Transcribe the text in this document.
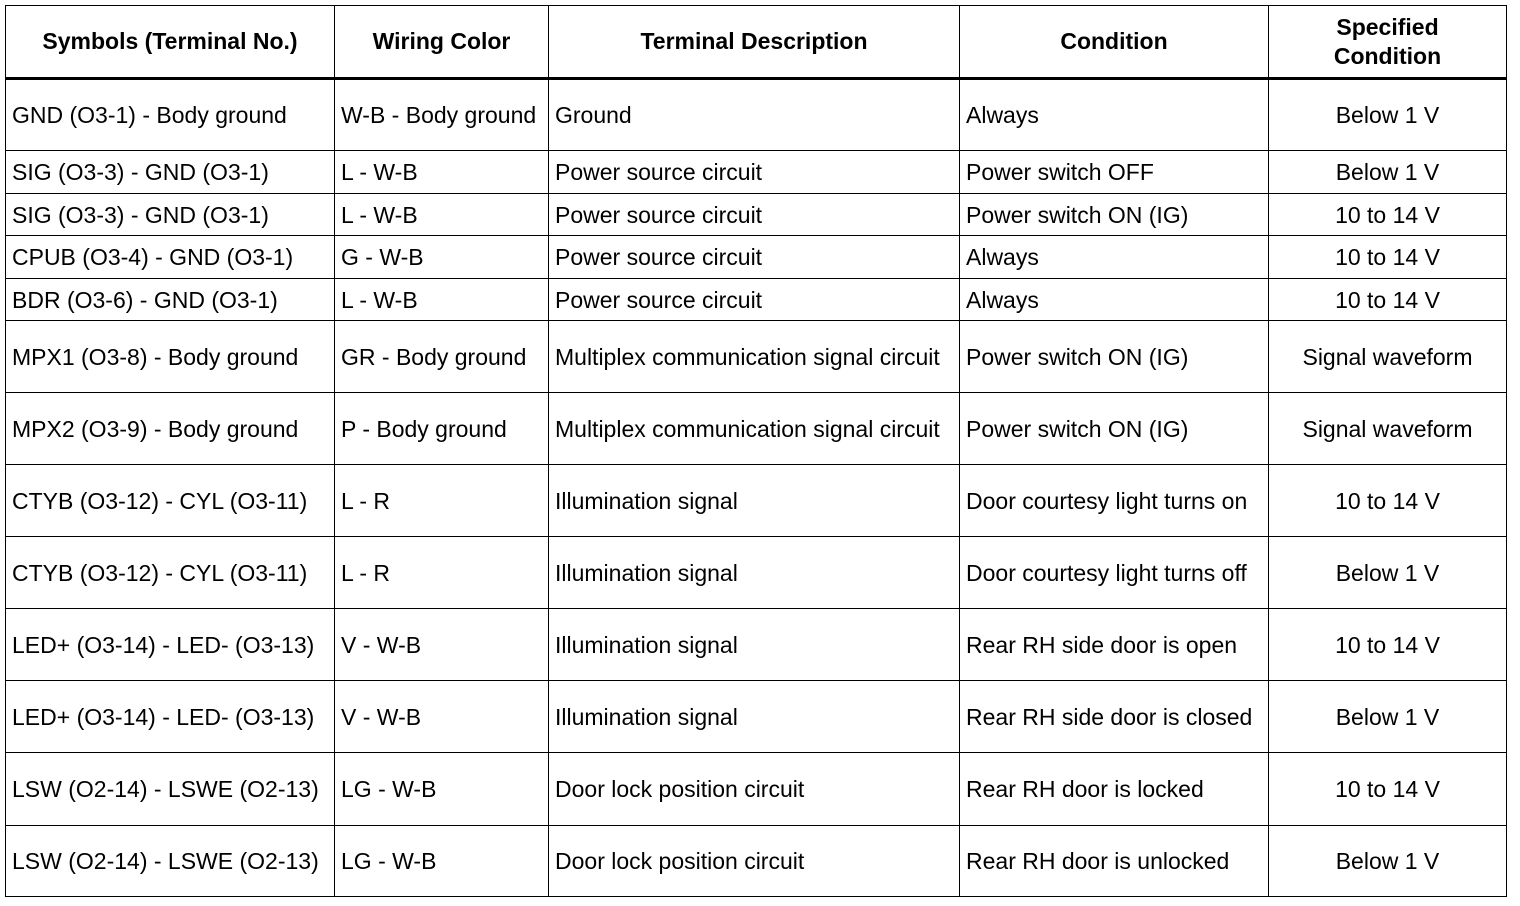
Symbols (Terminal No.)	Wiring Color	Terminal Description	Condition	Specified Condition
GND (O3-1) - Body ground	W-B - Body ground	Ground	Always	Below 1 V
SIG (O3-3) - GND (O3-1)	L - W-B	Power source circuit	Power switch OFF	Below 1 V
SIG (O3-3) - GND (O3-1)	L - W-B	Power source circuit	Power switch ON (IG)	10 to 14 V
CPUB (O3-4) - GND (O3-1)	G - W-B	Power source circuit	Always	10 to 14 V
BDR (O3-6) - GND (O3-1)	L - W-B	Power source circuit	Always	10 to 14 V
MPX1 (O3-8) - Body ground	GR - Body ground	Multiplex communication signal circuit	Power switch ON (IG)	Signal waveform
MPX2 (O3-9) - Body ground	P - Body ground	Multiplex communication signal circuit	Power switch ON (IG)	Signal waveform
CTYB (O3-12) - CYL (O3-11)	L - R	Illumination signal	Door courtesy light turns on	10 to 14 V
CTYB (O3-12) - CYL (O3-11)	L - R	Illumination signal	Door courtesy light turns off	Below 1 V
LED+ (O3-14) - LED- (O3-13)	V - W-B	Illumination signal	Rear RH side door is open	10 to 14 V
LED+ (O3-14) - LED- (O3-13)	V - W-B	Illumination signal	Rear RH side door is closed	Below 1 V
LSW (O2-14) - LSWE (O2-13)	LG - W-B	Door lock position circuit	Rear RH door is locked	10 to 14 V
LSW (O2-14) - LSWE (O2-13)	LG - W-B	Door lock position circuit	Rear RH door is unlocked	Below 1 V
